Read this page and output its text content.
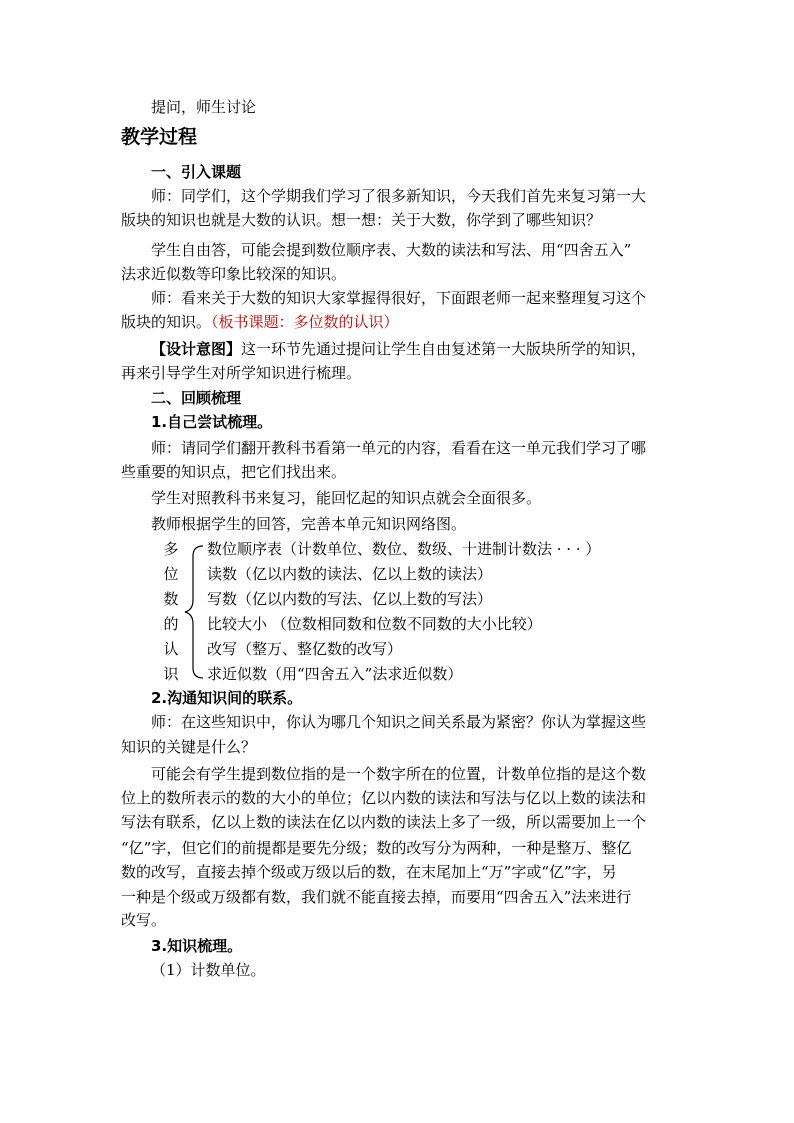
提问，师生讨论
教学过程
一、引入课题
师：同学们，这个学期我们学习了很多新知识，今天我们首先来复习第一大
版块的知识也就是大数的认识。想一想：关于大数，你学到了哪些知识？
学生自由答，可能会提到数位顺序表、大数的读法和写法、用“四舍五入”
法求近似数等印象比较深的知识。
师：看来关于大数的知识大家掌握得很好，下面跟老师一起来整理复习这个
版块的知识。（板书课题：多位数的认识）
【设计意图】这一环节先通过提问让学生自由复述第一大版块所学的知识，
再来引导学生对所学知识进行梳理。
二、回顾梳理
1.自己尝试梳理。
师：请同学们翻开教科书看第一单元的内容，看看在这一单元我们学习了哪
些重要的知识点，把它们找出来。
学生对照教科书来复习，能回忆起的知识点就会全面很多。
教师根据学生的回答，完善本单元知识网络图。
多
位
数
的
认
识
数位顺序表（计数单位、数位、数级、十进制计数法 · · · ）
读数（亿以内数的读法、亿以上数的读法）
写数（亿以内数的写法、亿以上数的写法）
比较大小 （位数相同数和位数不同数的大小比较）
改写（整万、整亿数的改写）
求近似数（用“四舍五入”法求近似数）
2.沟通知识间的联系。
师：在这些知识中，你认为哪几个知识之间关系最为紧密？你认为掌握这些
知识的关键是什么？
可能会有学生提到数位指的是一个数字所在的位置，计数单位指的是这个数
位上的数所表示的数的大小的单位；亿以内数的读法和写法与亿以上数的读法和
写法有联系，亿以上数的读法在亿以内数的读法上多了一级，所以需要加上一个
“亿”字，但它们的前提都是要先分级；数的改写分为两种，一种是整万、整亿
数的改写，直接去掉个级或万级以后的数，在末尾加上“万”字或“亿”字，另
一种是个级或万级都有数，我们就不能直接去掉，而要用“四舍五入”法来进行
改写。
3.知识梳理。
（1）计数单位。
